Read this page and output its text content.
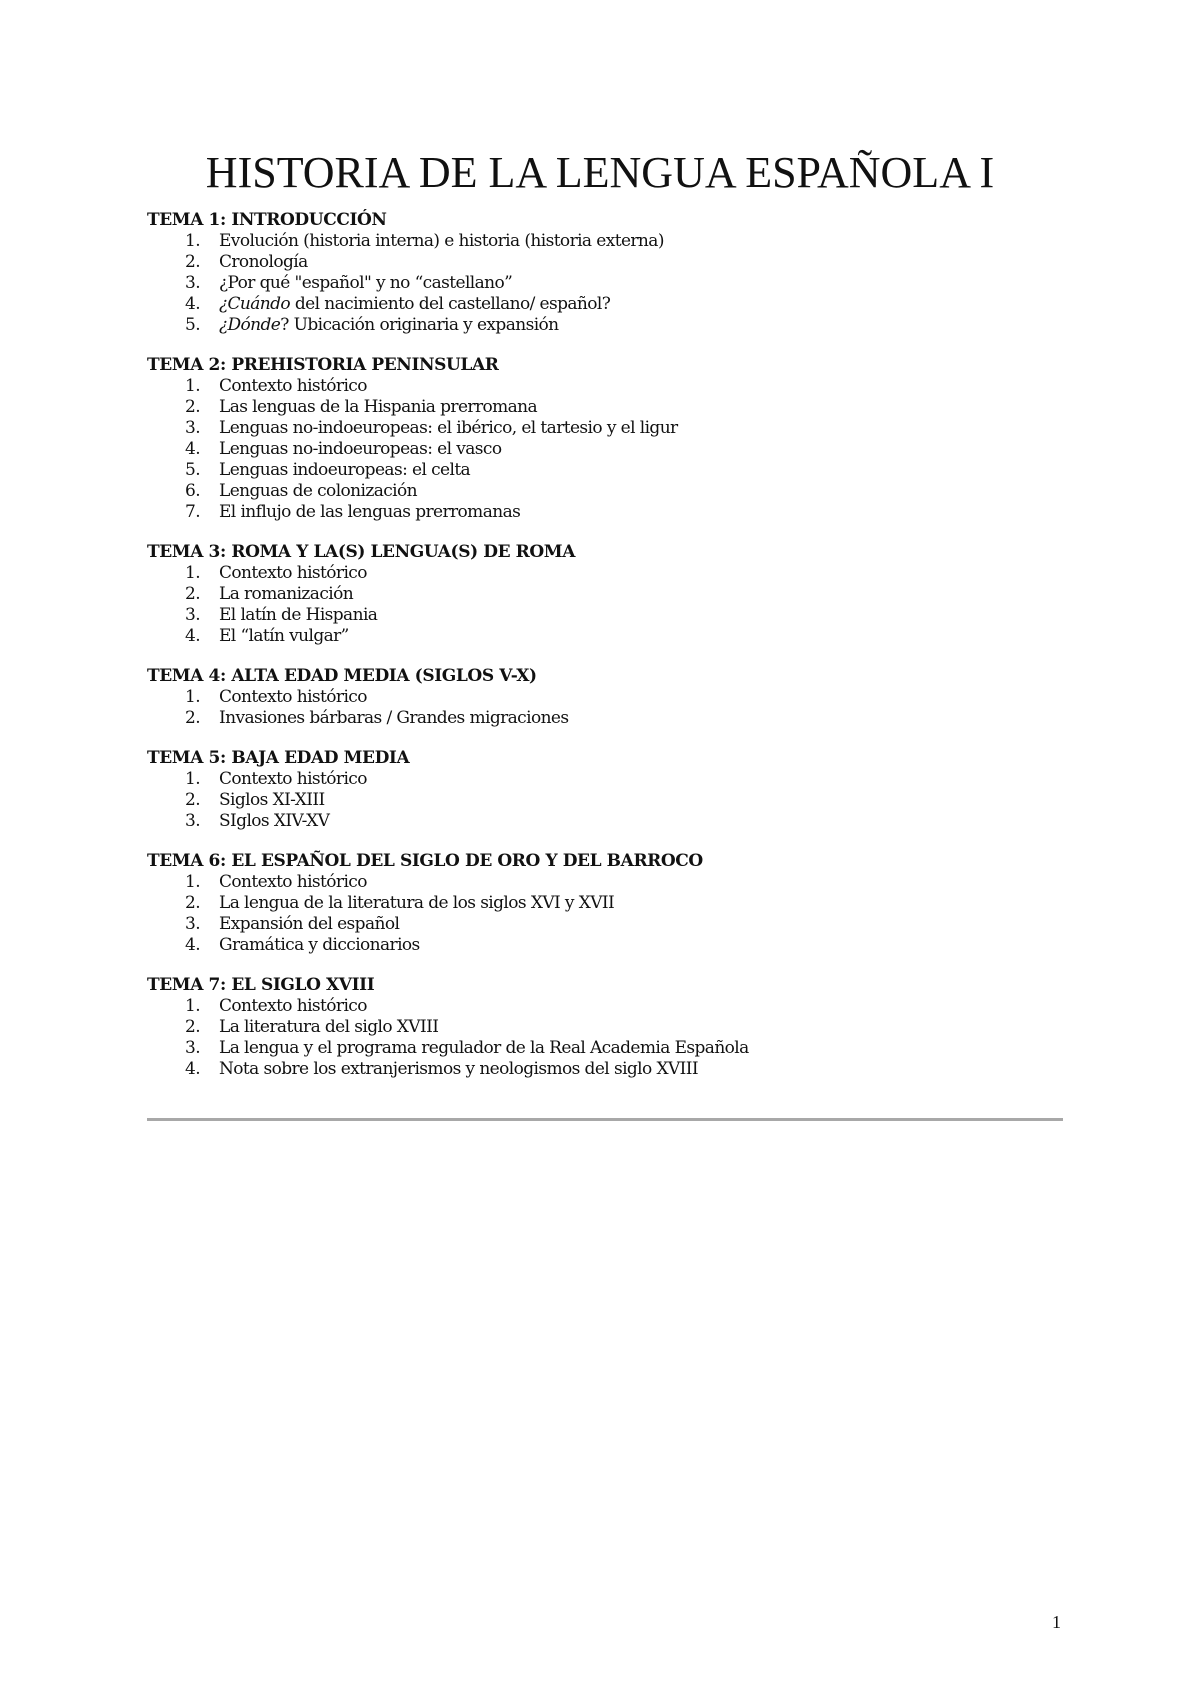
HISTORIA DE LA LENGUA ESPAÑOLA I
TEMA 1: INTRODUCCIÓN
1.	Evolución (historia interna) e historia (historia externa)
2.	Cronología
3.	¿Por qué "español" y no “castellano”
4.	¿Cuándo del nacimiento del castellano/ español?
5.	¿Dónde? Ubicación originaria y expansión
TEMA 2: PREHISTORIA PENINSULAR
1.	Contexto histórico
2.	Las lenguas de la Hispania prerromana
3.	Lenguas no-indoeuropeas: el ibérico, el tartesio y el ligur
4.	Lenguas no-indoeuropeas: el vasco
5.	Lenguas indoeuropeas: el celta
6.	Lenguas de colonización
7.	El influjo de las lenguas prerromanas
TEMA 3: ROMA Y LA(S) LENGUA(S) DE ROMA
1.	Contexto histórico
2.	La romanización
3.	El latín de Hispania
4.	El “latín vulgar”
TEMA 4: ALTA EDAD MEDIA (SIGLOS V-X)
1.	Contexto histórico
2.	Invasiones bárbaras / Grandes migraciones
TEMA 5: BAJA EDAD MEDIA
1.	Contexto histórico
2.	Siglos XI-XIII
3.	SIglos XIV-XV
TEMA 6: EL ESPAÑOL DEL SIGLO DE ORO Y DEL BARROCO
1.	Contexto histórico
2.	La lengua de la literatura de los siglos XVI y XVII
3.	Expansión del español
4.	Gramática y diccionarios
TEMA 7: EL SIGLO XVIII
1.	Contexto histórico
2.	La literatura del siglo XVIII
3.	La lengua y el programa regulador de la Real Academia Española
4.	Nota sobre los extranjerismos y neologismos del siglo XVIII
1
